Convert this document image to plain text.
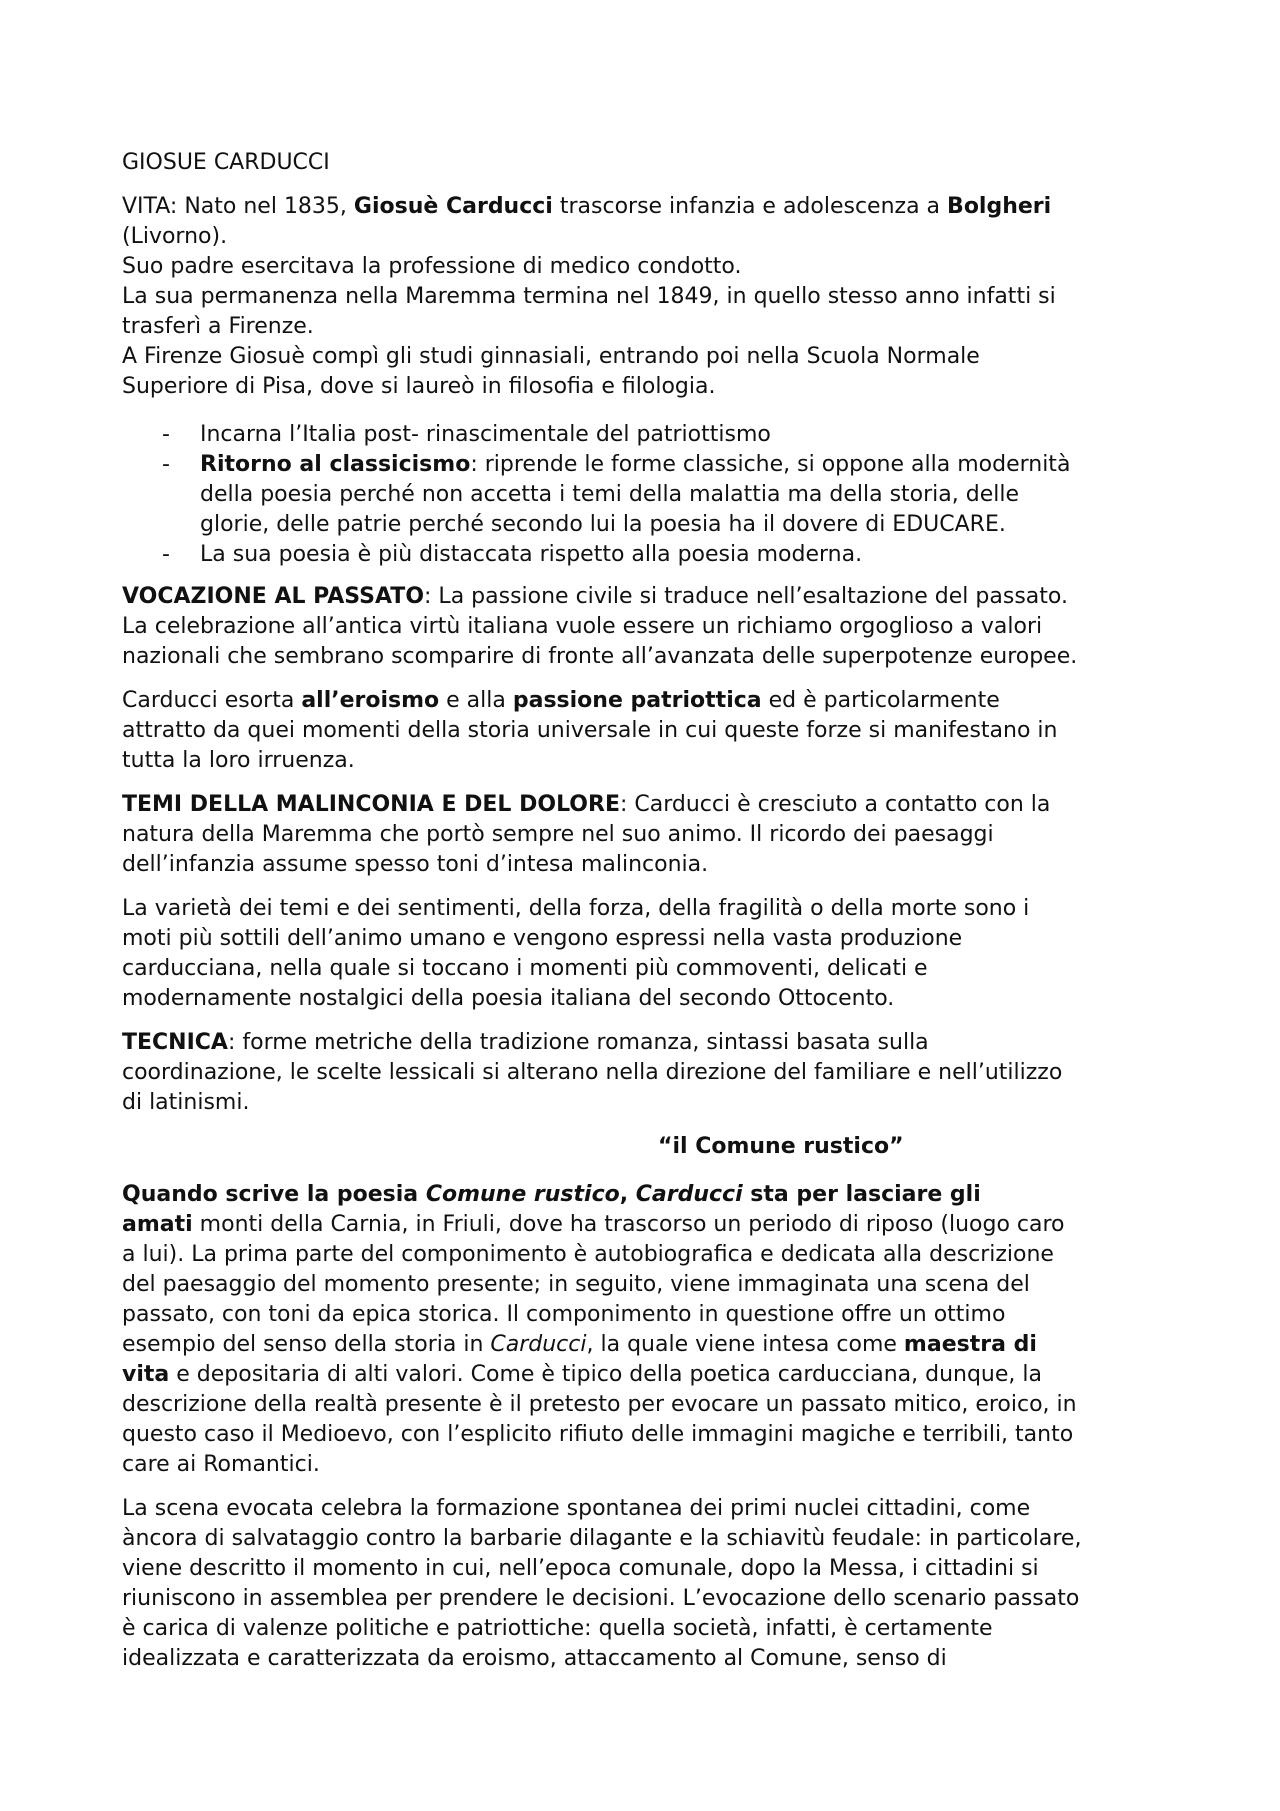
GIOSUE CARDUCCI
VITA: Nato nel 1835, Giosuè Carducci trascorse infanzia e adolescenza a Bolgheri
(Livorno).
Suo padre esercitava la professione di medico condotto.
La sua permanenza nella Maremma termina nel 1849, in quello stesso anno infatti si
trasferì a Firenze.
A Firenze Giosuè compì gli studi ginnasiali, entrando poi nella Scuola Normale
Superiore di Pisa, dove si laureò in filosofia e filologia.
- Incarna l’Italia post- rinascimentale del patriottismo
- Ritorno al classicismo: riprende le forme classiche, si oppone alla modernità
della poesia perché non accetta i temi della malattia ma della storia, delle
glorie, delle patrie perché secondo lui la poesia ha il dovere di EDUCARE.
- La sua poesia è più distaccata rispetto alla poesia moderna.
VOCAZIONE AL PASSATO: La passione civile si traduce nell’esaltazione del passato.
La celebrazione all’antica virtù italiana vuole essere un richiamo orgoglioso a valori
nazionali che sembrano scomparire di fronte all’avanzata delle superpotenze europee.
Carducci esorta all’eroismo e alla passione patriottica ed è particolarmente
attratto da quei momenti della storia universale in cui queste forze si manifestano in
tutta la loro irruenza.
TEMI DELLA MALINCONIA E DEL DOLORE: Carducci è cresciuto a contatto con la
natura della Maremma che portò sempre nel suo animo. Il ricordo dei paesaggi
dell’infanzia assume spesso toni d’intesa malinconia.
La varietà dei temi e dei sentimenti, della forza, della fragilità o della morte sono i
moti più sottili dell’animo umano e vengono espressi nella vasta produzione
carducciana, nella quale si toccano i momenti più commoventi, delicati e
modernamente nostalgici della poesia italiana del secondo Ottocento.
TECNICA: forme metriche della tradizione romanza, sintassi basata sulla
coordinazione, le scelte lessicali si alterano nella direzione del familiare e nell’utilizzo
di latinismi.
“il Comune rustico”
Quando scrive la poesia Comune rustico, Carducci sta per lasciare gli
amati monti della Carnia, in Friuli, dove ha trascorso un periodo di riposo (luogo caro
a lui). La prima parte del componimento è autobiografica e dedicata alla descrizione
del paesaggio del momento presente; in seguito, viene immaginata una scena del
passato, con toni da epica storica. Il componimento in questione offre un ottimo
esempio del senso della storia in Carducci, la quale viene intesa come maestra di
vita e depositaria di alti valori. Come è tipico della poetica carducciana, dunque, la
descrizione della realtà presente è il pretesto per evocare un passato mitico, eroico, in
questo caso il Medioevo, con l’esplicito rifiuto delle immagini magiche e terribili, tanto
care ai Romantici.
La scena evocata celebra la formazione spontanea dei primi nuclei cittadini, come
àncora di salvataggio contro la barbarie dilagante e la schiavitù feudale: in particolare,
viene descritto il momento in cui, nell’epoca comunale, dopo la Messa, i cittadini si
riuniscono in assemblea per prendere le decisioni. L’evocazione dello scenario passato
è carica di valenze politiche e patriottiche: quella società, infatti, è certamente
idealizzata e caratterizzata da eroismo, attaccamento al Comune, senso di
